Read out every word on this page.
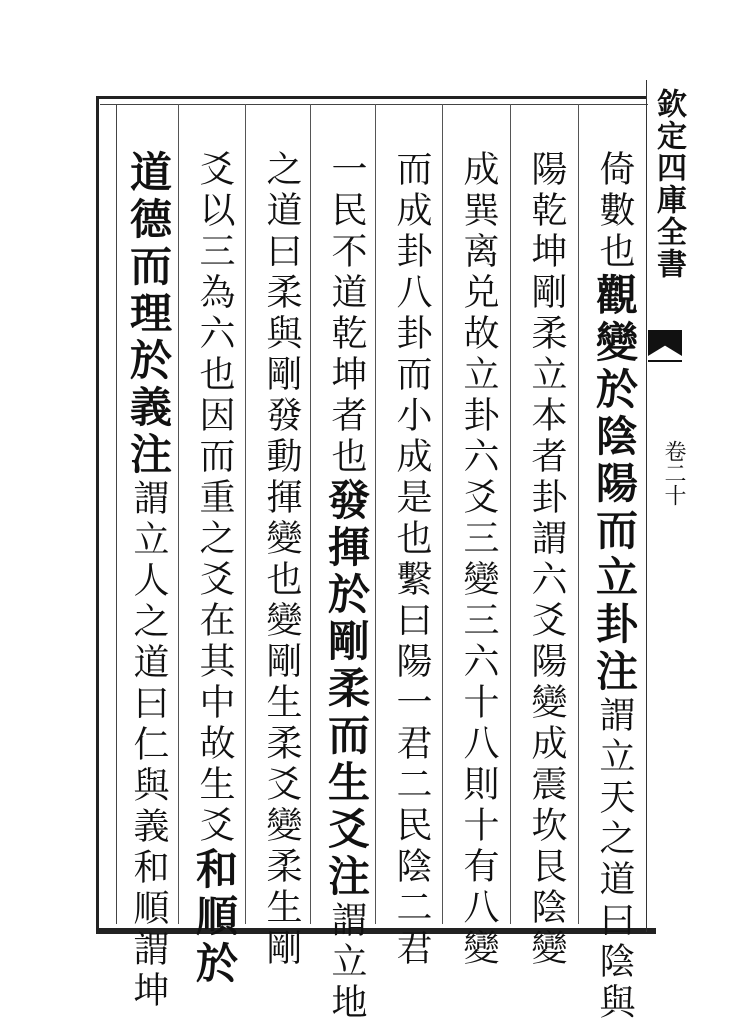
欽定四庫全書
卷二十
倚數也觀變於陰陽而立卦注謂立天之道曰陰與
陽乾坤剛柔立本者卦謂六爻陽變成震坎艮陰變
成巽离兑故立卦六爻三變三六十八則十有八變
而成卦八卦而小成是也繫曰陽一君二民陰二君
一民不道乾坤者也發揮於剛柔而生爻注謂立地
之道曰柔與剛發動揮變也變剛生柔爻變柔生剛
爻以三為六也因而重之爻在其中故生爻和順於
道德而理於義注謂立人之道曰仁與義和順謂坤
